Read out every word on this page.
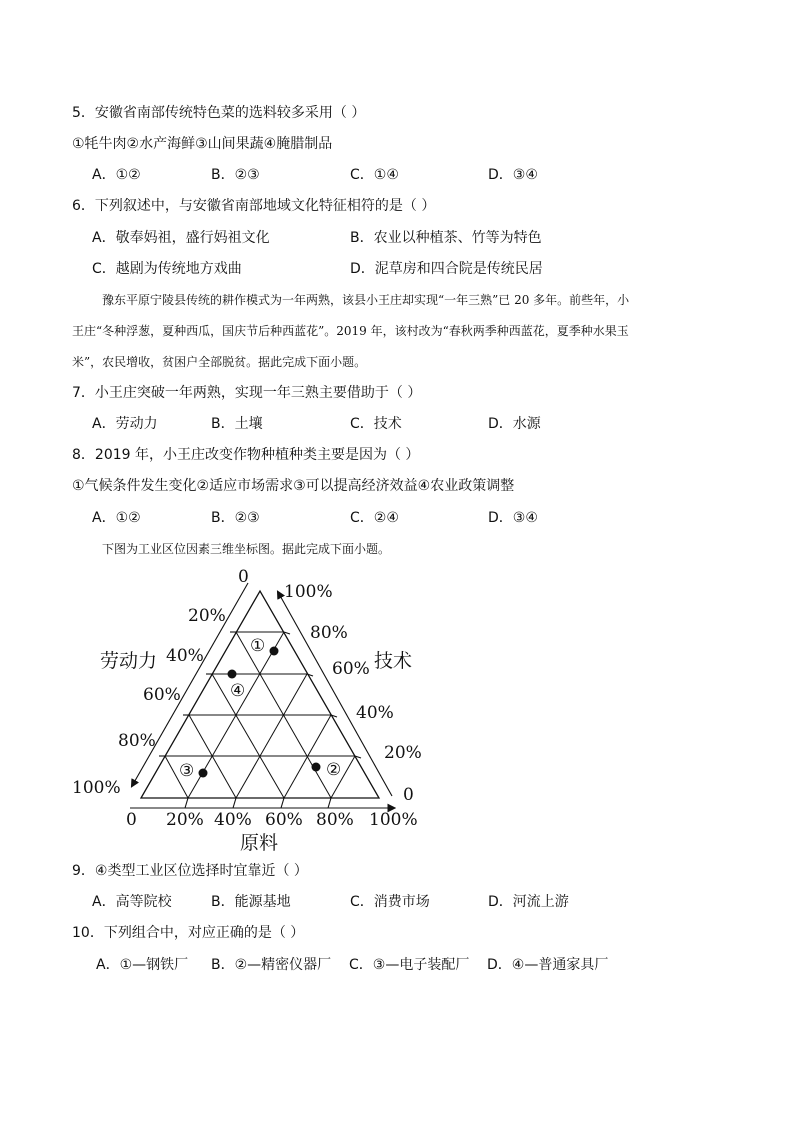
5．安徽省南部传统特色菜的选料较多采用（ ）
①牦牛肉②水产海鲜③山间果蔬④腌腊制品
A．①②	B．②③	C．①④	D．③④
6．下列叙述中，与安徽省南部地域文化特征相符的是（ ）
A．敬奉妈祖，盛行妈祖文化	B．农业以种植茶、竹等为特色
C．越剧为传统地方戏曲	D．泥草房和四合院是传统民居
豫东平原宁陵县传统的耕作模式为一年两熟，该县小王庄却实现“一年三熟”已 20 多年。前些年，小
王庄“冬种浮葱，夏种西瓜，国庆节后种西蓝花”。2019 年，该村改为“春秋两季种西蓝花，夏季种水果玉
米”，农民增收，贫困户全部脱贫。据此完成下面小题。
7．小王庄突破一年两熟，实现一年三熟主要借助于（ ）
A．劳动力	B．土壤	C．技术	D．水源
8．2019 年，小王庄改变作物种植种类主要是因为（ ）
①气候条件发生变化②适应市场需求③可以提高经济效益④农业政策调整
A．①②	B．②③	C．②④	D．③④
下图为工业区位因素三维坐标图。据此完成下面小题。
0
20%
40%
60%
80%
100%
100%
80%
60%
40%
20%
0
0 20% 40% 60% 80% 100%
劳动力	技术
原料
①
④
③	②
9．④类型工业区位选择时宜靠近（ ）
A．高等院校	B．能源基地	C．消费市场	D．河流上游
10．下列组合中，对应正确的是（ ）
A．①—钢铁厂 B．②—精密仪器厂 C．③—电子装配厂 D．④—普通家具厂
